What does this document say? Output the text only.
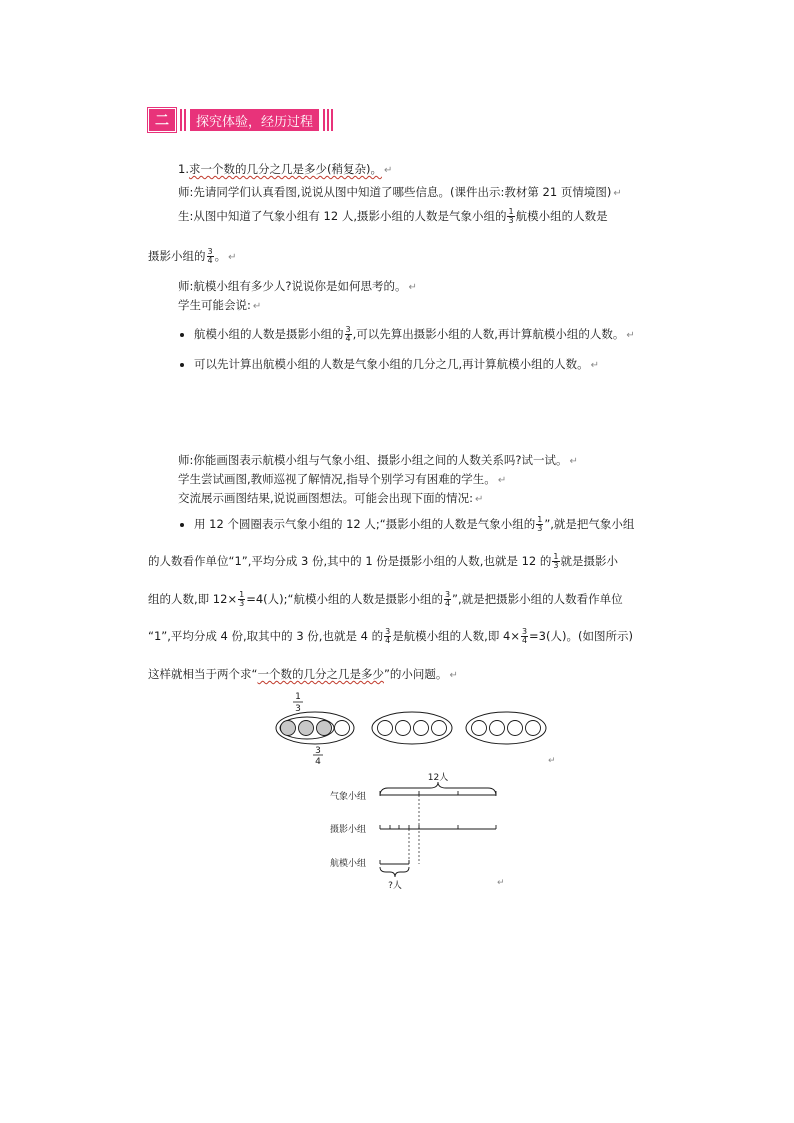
二	探究体验，经历过程
1.求一个数的几分之几是多少(稍复杂)。 ↵
师:先请同学们认真看图,说说从图中知道了哪些信息。(课件出示:教材第 21 页情境图) ↵
生:从图中知道了气象小组有 12 人,摄影小组的人数是气象小组的 $\frac{1}{3}$ 航模小组的人数是
摄影小组的 $\frac{3}{4}$ 。 ↵
师:航模小组有多少人?说说你是如何思考的。 ↵
学生可能会说: ↵
航模小组的人数是摄影小组的 $\frac{3}{4}$ ,可以先算出摄影小组的人数,再计算航模小组的人数。 ↵
可以先计算出航模小组的人数是气象小组的几分之几,再计算航模小组的人数。 ↵
师:你能画图表示航模小组与气象小组、摄影小组之间的人数关系吗?试一试。 ↵
学生尝试画图,教师巡视了解情况,指导个别学习有困难的学生。 ↵
交流展示画图结果,说说画图想法。可能会出现下面的情况: ↵
用 12 个圆圈表示气象小组的 12 人;“摄影小组的人数是气象小组的 $\frac{1}{3}$ ”,就是把气象小组
的人数看作单位“1”,平均分成 3 份,其中的 1 份是摄影小组的人数,也就是 12 的 $\frac{1}{3}$ 就是摄影小
组的人数,即 $12\times \frac{1}{3} =4$(人);“航模小组的人数是摄影小组的 $\frac{3}{4}$ ”,就是把摄影小组的人数看作单位
“1”,平均分成 4 份,取其中的 3 份,也就是 4 的 $\frac{3}{4}$ 是航模小组的人数,即 $4\times \frac{3}{4} =3$(人)。(如图所示)
这样就相当于两个求“一个数的几分之几是多少”的小问题。 ↵
1
3
3
4	↵
12人
气象小组
摄影小组
航模小组
?人	↵
